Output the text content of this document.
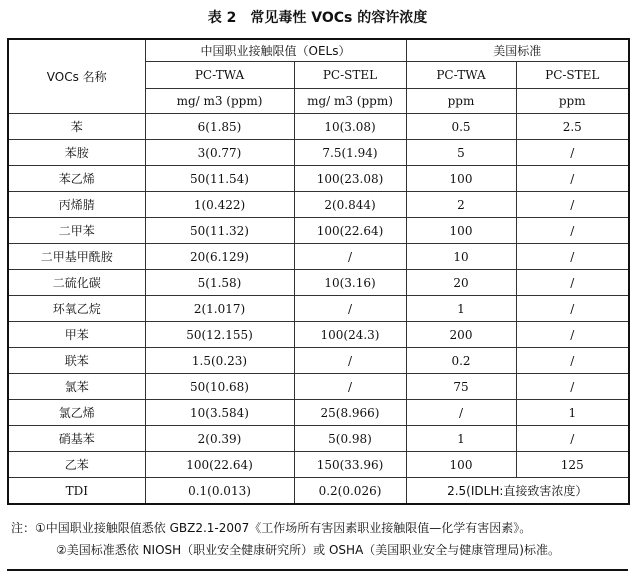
表 2　常见毒性 VOCs 的容许浓度
VOCs 名称	中国职业接触限值（OELs）		美国标准	
	PC-TWA	PC-STEL	PC-TWA	PC-STEL
	mg/ m3 (ppm)	mg/ m3 (ppm)	ppm	ppm
苯	6(1.85)	10(3.08)	0.5	2.5
苯胺	3(0.77)	7.5(1.94)	5	/
苯乙烯	50(11.54)	100(23.08)	100	/
丙烯腈	1(0.422)	2(0.844)	2	/
二甲苯	50(11.32)	100(22.64)	100	/
二甲基甲酰胺	20(6.129)	/	10	/
二硫化碳	5(1.58)	10(3.16)	20	/
环氧乙烷	2(1.017)	/	1	/
甲苯	50(12.155)	100(24.3)	200	/
联苯	1.5(0.23)	/	0.2	/
氯苯	50(10.68)	/	75	/
氯乙烯	10(3.584)	25(8.966)	/	1
硝基苯	2(0.39)	5(0.98)	1	/
乙苯	100(22.64)	150(33.96)	100	125
TDI	0.1(0.013)	0.2(0.026)	2.5(IDLH:直接致害浓度）	
注：①中国职业接触限值悉依 GBZ2.1-2007《工作场所有害因素职业接触限值—化学有害因素》。
②美国标准悉依 NIOSH（职业安全健康研究所）或 OSHA（美国职业安全与健康管理局)标准。
